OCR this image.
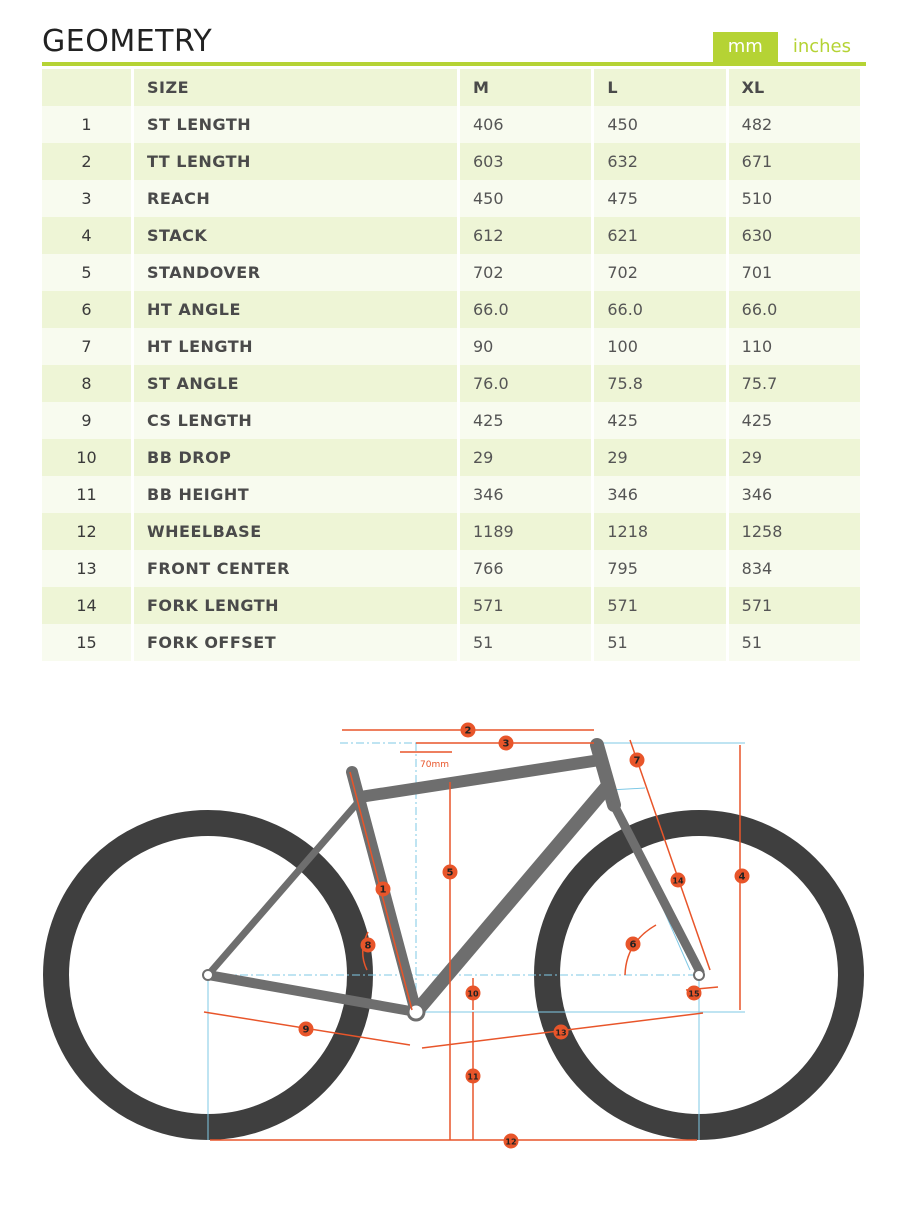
GEOMETRY	mm	inches
	SIZE	M	L	XL
1	ST LENGTH	406	450	482
2	TT LENGTH	603	632	671
3	REACH	450	475	510
4	STACK	612	621	630
5	STANDOVER	702	702	701
6	HT ANGLE	66.0	66.0	66.0
7	HT LENGTH	90	100	110
8	ST ANGLE	76.0	75.8	75.7
9	CS LENGTH	425	425	425
10	BB DROP	29	29	29
11	BB HEIGHT	346	346	346
12	WHEELBASE	1189	1218	1258
13	FRONT CENTER	766	795	834
14	FORK LENGTH	571	571	571
15	FORK OFFSET	51	51	51
70mm
1
2
3
4
5
6
7
8
9
10
11
12
13
14
15
